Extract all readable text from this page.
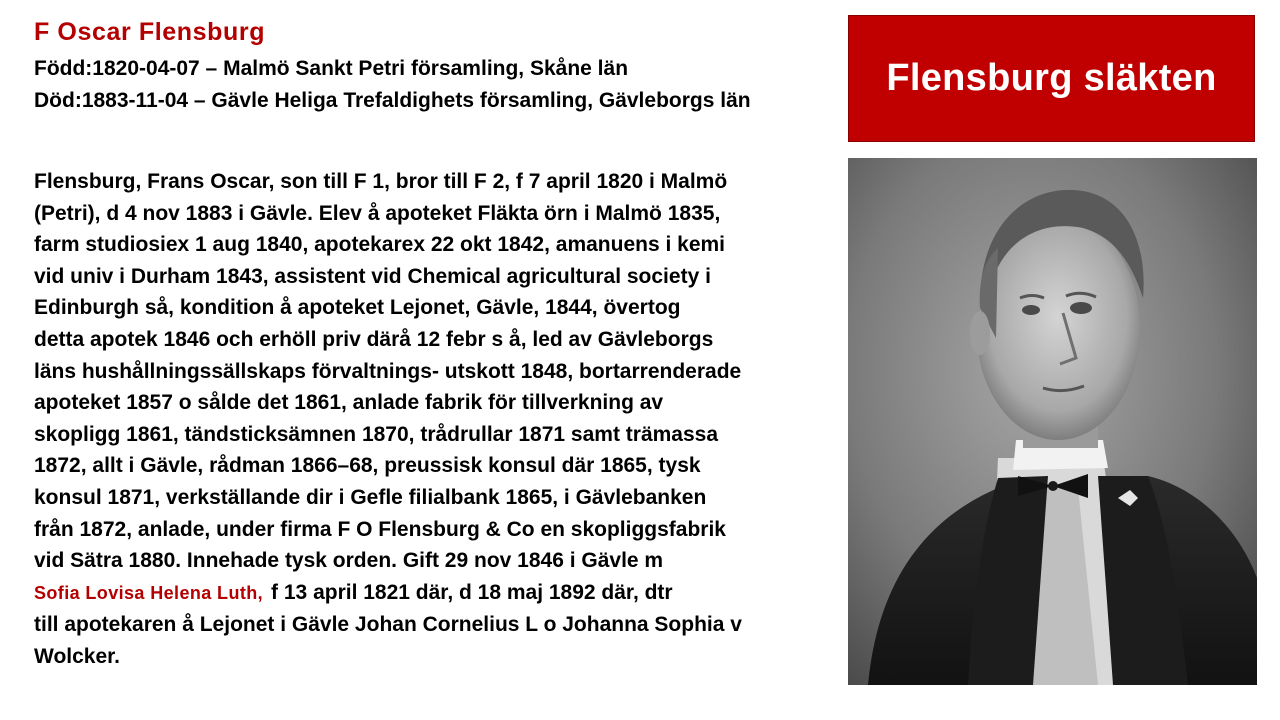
F Oscar Flensburg

Född:1820-04-07 – Malmö Sankt Petri församling, Skåne län

Död:1883-11-04 – Gävle Heliga Trefaldighets församling, Gävleborgs län

Flensburg släkten
Flensburg, Frans Oscar, son till F 1, bror till F 2, f 7 april 1820 i Malmö
(Petri), d 4 nov 1883 i Gävle. Elev å apoteket Fläkta örn i Malmö 1835,
farm studiosiex 1 aug 1840, apotekarex 22 okt 1842, amanuens i kemi
vid univ i Durham 1843, assistent vid Chemical agricultural society i
Edinburgh så, kondition å apoteket Lejonet, Gävle, 1844, övertog
detta apotek 1846 och erhöll priv därå 12 febr s å, led av Gävleborgs
läns hushållningssällskaps förvaltnings- utskott 1848, bortarrenderade
apoteket 1857 o sålde det 1861, anlade fabrik för tillverkning av
skopligg 1861, tändsticksämnen 1870, trådrullar 1871 samt trämassa
1872, allt i Gävle, rådman 1866–68, preussisk konsul där 1865, tysk
konsul 1871, verkställande dir i Gefle filialbank 1865, i Gävlebanken
från 1872, anlade, under firma F O Flensburg & Co en skopliggsfabrik
vid Sätra 1880. Innehade tysk orden. Gift 29 nov 1846 i Gävle m
Sofia Lovisa Helena Luth, f 13 april 1821 där, d 18 maj 1892 där, dtr
till apotekaren å Lejonet i Gävle Johan Cornelius L o Johanna Sophia v
Wolcker.
